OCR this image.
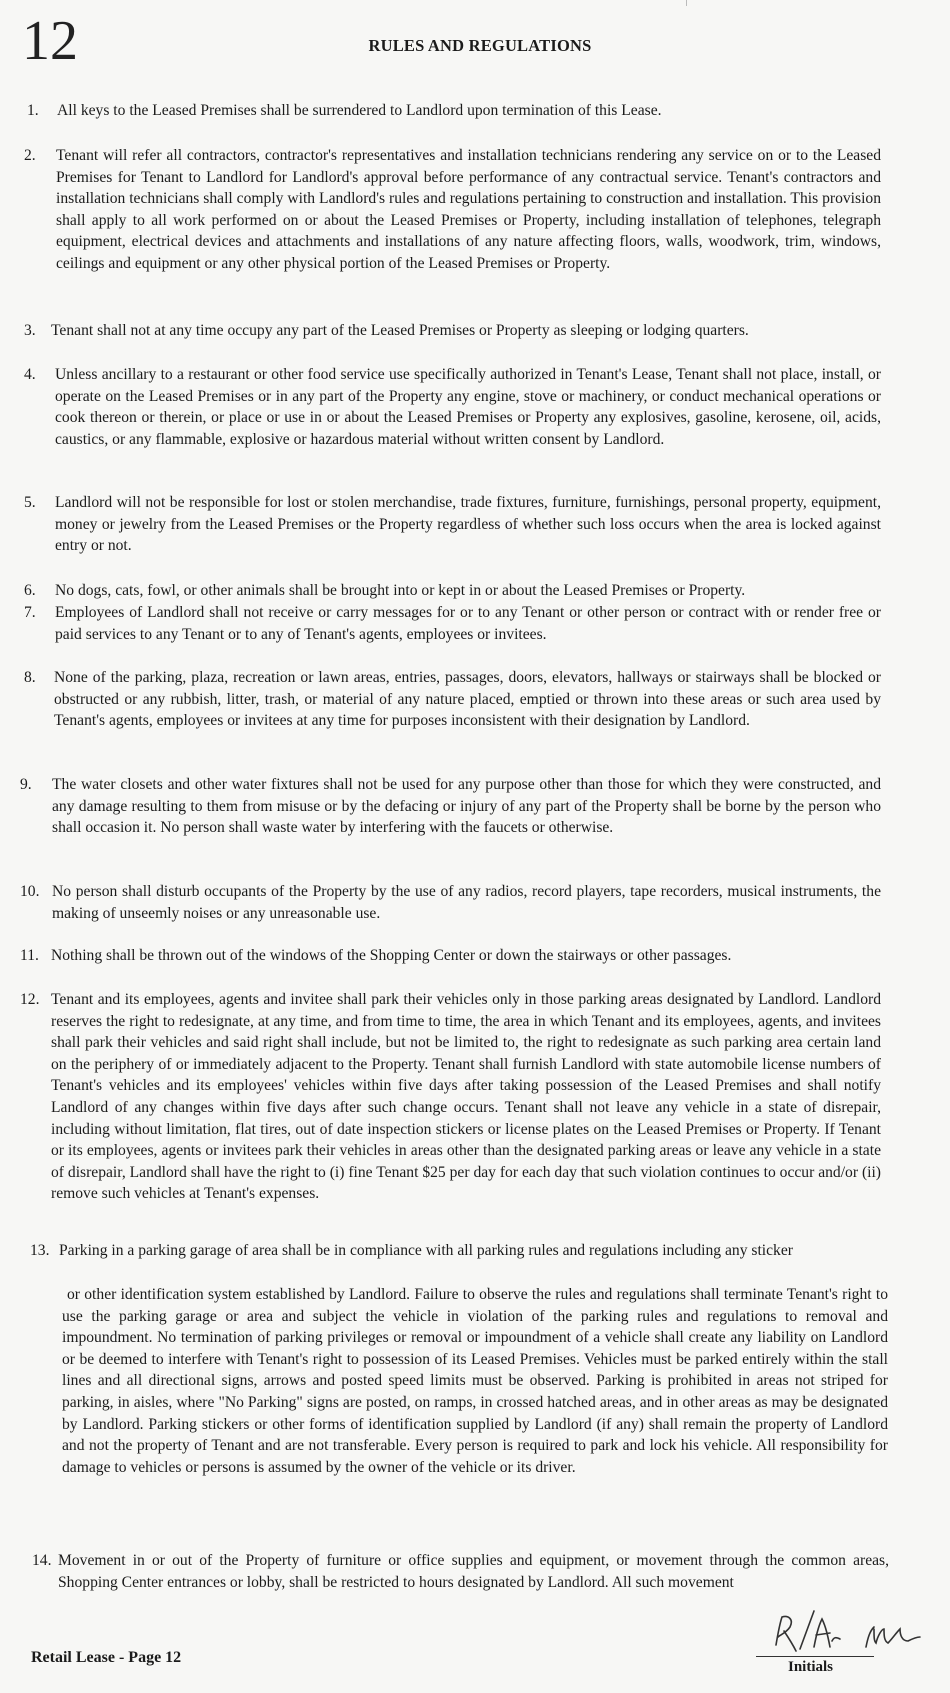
12	RULES AND REGULATIONS
1.	All keys to the Leased Premises shall be surrendered to Landlord upon termination of this Lease.
2.	Tenant will refer all contractors, contractor's representatives and installation technicians rendering any service on or to the Leased Premises for Tenant to Landlord for Landlord's approval before performance of any contractual service. Tenant's contractors and installation technicians shall comply with Landlord's rules and regulations pertaining to construction and installation. This provision shall apply to all work performed on or about the Leased Premises or Property, including installation of telephones, telegraph equipment, electrical devices and attachments and installations of any nature affecting floors, walls, woodwork, trim, windows, ceilings and equipment or any other physical portion of the Leased Premises or Property.
3. Tenant shall not at any time occupy any part of the Leased Premises or Property as sleeping or lodging quarters.
4.	Unless ancillary to a restaurant or other food service use specifically authorized in Tenant's Lease, Tenant shall not place, install, or operate on the Leased Premises or in any part of the Property any engine, stove or machinery, or conduct mechanical operations or cook thereon or therein, or place or use in or about the Leased Premises or Property any explosives, gasoline, kerosene, oil, acids, caustics, or any flammable, explosive or hazardous material without written consent by Landlord.
5.	Landlord will not be responsible for lost or stolen merchandise, trade fixtures, furniture, furnishings, personal property, equipment, money or jewelry from the Leased Premises or the Property regardless of whether such loss occurs when the area is locked against entry or not.
6.	No dogs, cats, fowl, or other animals shall be brought into or kept in or about the Leased Premises or Property.
7.	Employees of Landlord shall not receive or carry messages for or to any Tenant or other person or contract with or render free or paid services to any Tenant or to any of Tenant's agents, employees or invitees.
8.	None of the parking, plaza, recreation or lawn areas, entries, passages, doors, elevators, hallways or stairways shall be blocked or obstructed or any rubbish, litter, trash, or material of any nature placed, emptied or thrown into these areas or such area used by Tenant's agents, employees or invitees at any time for purposes inconsistent with their designation by Landlord.
9.	The water closets and other water fixtures shall not be used for any purpose other than those for which they were constructed, and any damage resulting to them from misuse or by the defacing or injury of any part of the Property shall be borne by the person who shall occasion it. No person shall waste water by interfering with the faucets or otherwise.
10. No person shall disturb occupants of the Property by the use of any radios, record players, tape recorders, musical instruments, the making of unseemly noises or any unreasonable use.
11. Nothing shall be thrown out of the windows of the Shopping Center or down the stairways or other passages.
12. Tenant and its employees, agents and invitee shall park their vehicles only in those parking areas designated by Landlord. Landlord reserves the right to redesignate, at any time, and from time to time, the area in which Tenant and its employees, agents, and invitees shall park their vehicles and said right shall include, but not be limited to, the right to redesignate as such parking area certain land on the periphery of or immediately adjacent to the Property. Tenant shall furnish Landlord with state automobile license numbers of Tenant's vehicles and its employees' vehicles within five days after taking possession of the Leased Premises and shall notify Landlord of any changes within five days after such change occurs. Tenant shall not leave any vehicle in a state of disrepair, including without limitation, flat tires, out of date inspection stickers or license plates on the Leased Premises or Property. If Tenant or its employees, agents or invitees park their vehicles in areas other than the designated parking areas or leave any vehicle in a state of disrepair, Landlord shall have the right to (i) fine Tenant $25 per day for each day that such violation continues to occur and/or (ii) remove such vehicles at Tenant's expenses.
13. Parking in a parking garage of area shall be in compliance with all parking rules and regulations including any sticker
or other identification system established by Landlord. Failure to observe the rules and regulations shall terminate Tenant's right to use the parking garage or area and subject the vehicle in violation of the parking rules and regulations to removal and impoundment. No termination of parking privileges or removal or impoundment of a vehicle shall create any liability on Landlord or be deemed to interfere with Tenant's right to possession of its Leased Premises. Vehicles must be parked entirely within the stall lines and all directional signs, arrows and posted speed limits must be observed. Parking is prohibited in areas not striped for parking, in aisles, where "No Parking" signs are posted, on ramps, in crossed hatched areas, and in other areas as may be designated by Landlord. Parking stickers or other forms of identification supplied by Landlord (if any) shall remain the property of Landlord and not the property of Tenant and are not transferable. Every person is required to park and lock his vehicle. All responsibility for damage to vehicles or persons is assumed by the owner of the vehicle or its driver.
14. Movement in or out of the Property of furniture or office supplies and equipment, or movement through the common areas, Shopping Center entrances or lobby, shall be restricted to hours designated by Landlord. All such movement
Retail Lease - Page 12
Initials
